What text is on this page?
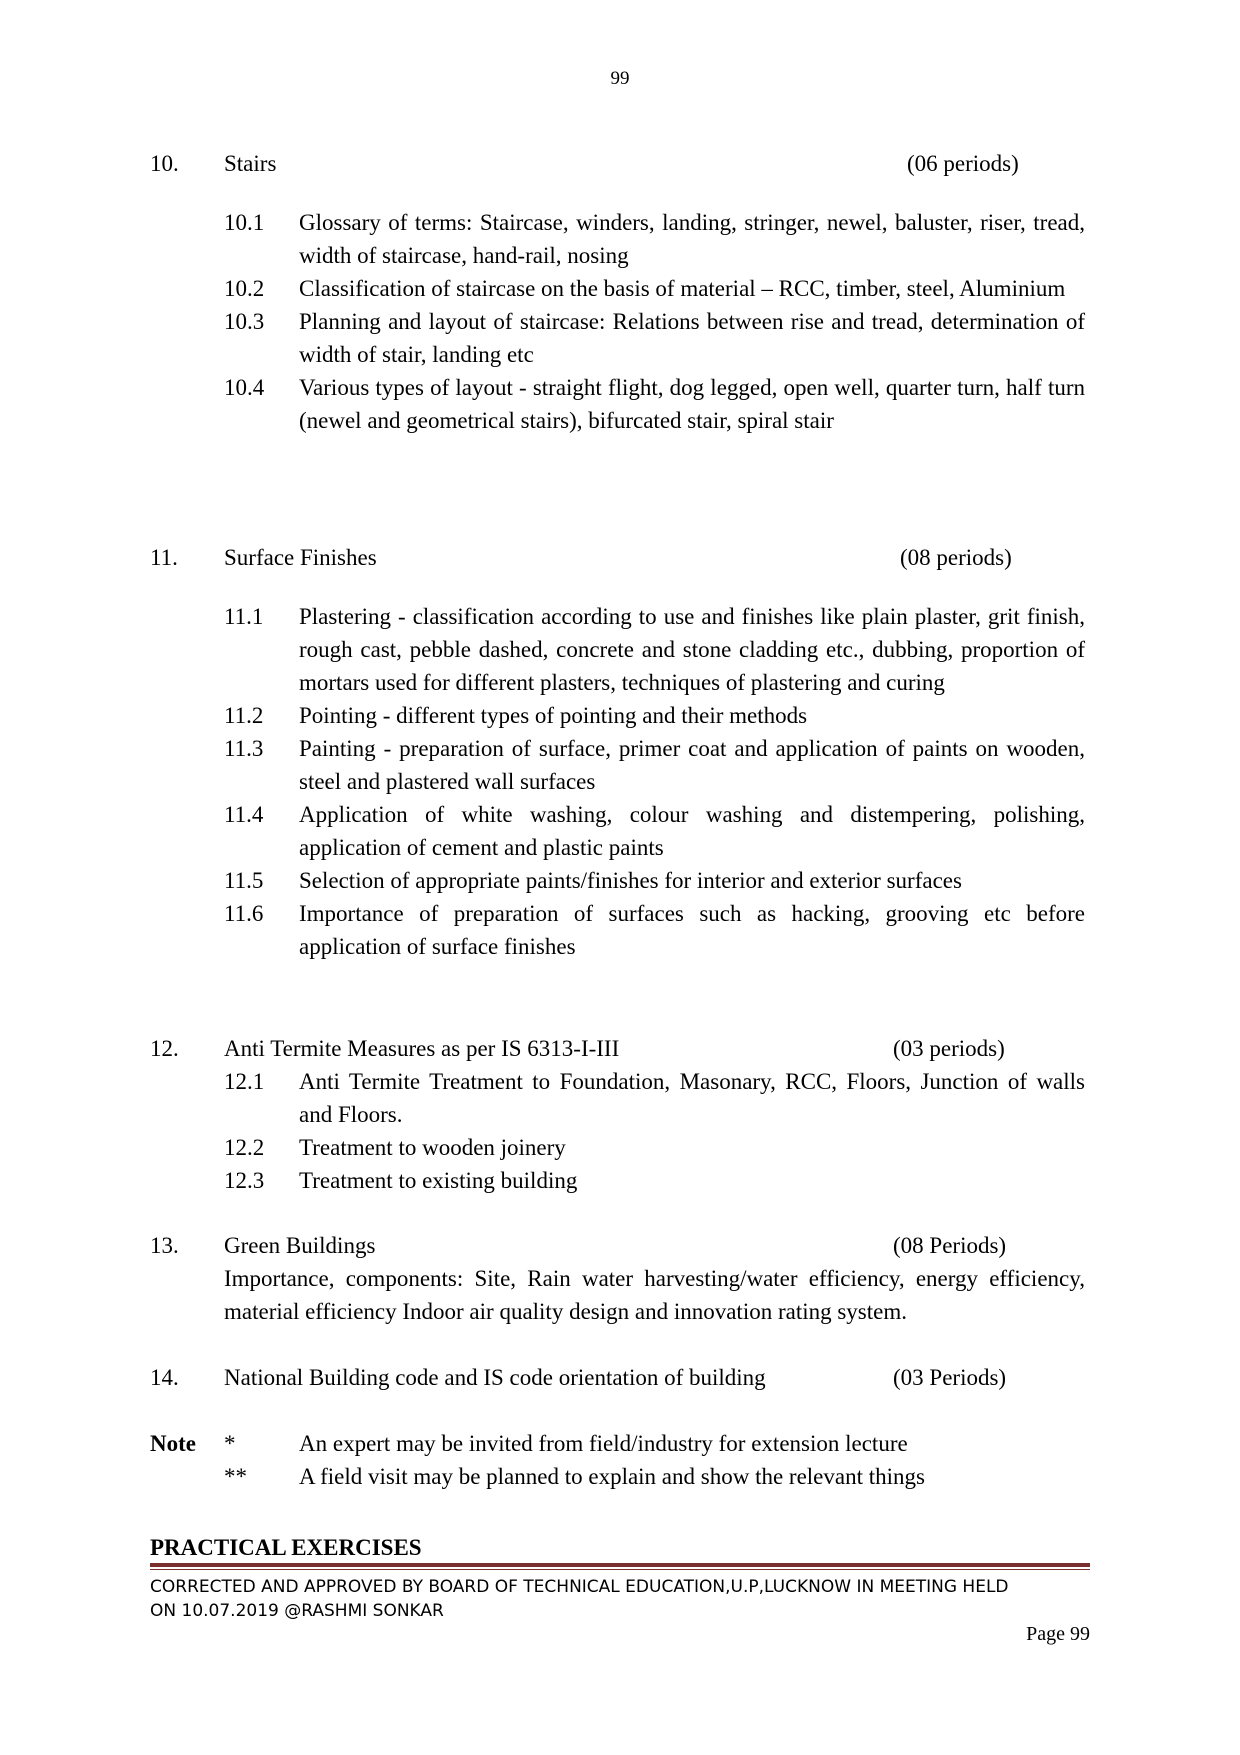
99
10. Stairs	(06 periods)
10.1 Glossary of terms: Staircase, winders, landing, stringer, newel, baluster, riser, tread, width of staircase, hand-rail, nosing
10.2 Classification of staircase on the basis of material – RCC, timber, steel, Aluminium
10.3 Planning and layout of staircase: Relations between rise and tread, determination of width of stair, landing etc
10.4 Various types of layout - straight flight, dog legged, open well, quarter turn, half turn (newel and geometrical stairs), bifurcated stair, spiral stair
11. Surface Finishes	(08 periods)
11.1 Plastering - classification according to use and finishes like plain plaster, grit finish, rough cast, pebble dashed, concrete and stone cladding etc., dubbing, proportion of mortars used for different plasters, techniques of plastering and curing
11.2 Pointing - different types of pointing and their methods
11.3 Painting - preparation of surface, primer coat and application of paints on wooden, steel and plastered wall surfaces
11.4 Application of white washing, colour washing and distempering, polishing, application of cement and plastic paints
11.5 Selection of appropriate paints/finishes for interior and exterior surfaces
11.6 Importance of preparation of surfaces such as hacking, grooving etc before application of surface finishes
12. Anti Termite Measures as per IS 6313-I-III	(03 periods)
12.1 Anti Termite Treatment to Foundation, Masonary, RCC, Floors, Junction of walls and Floors.
12.2 Treatment to wooden joinery
12.3 Treatment to existing building
13. Green Buildings	(08 Periods)
Importance, components: Site, Rain water harvesting/water efficiency, energy efficiency, material efficiency Indoor air quality design and innovation rating system.
14. National Building code and IS code orientation of building	(03 Periods)
Note *	An expert may be invited from field/industry for extension lecture
** A field visit may be planned to explain and show the relevant things
PRACTICAL EXERCISES
CORRECTED AND APPROVED BY BOARD OF TECHNICAL EDUCATION,U.P,LUCKNOW IN MEETING HELD
ON 10.07.2019 @RASHMI SONKAR
Page 99
